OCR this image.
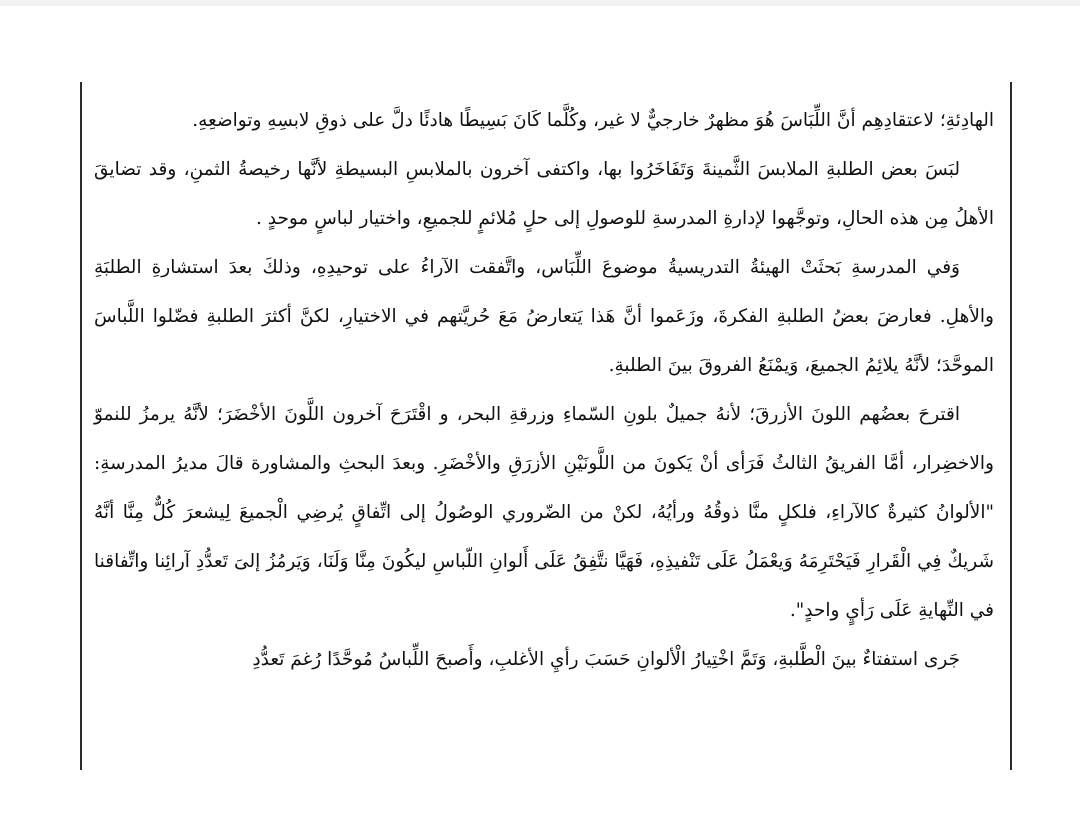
الهادِئةِ؛ لاعتقادِهِم أنَّ اللِّبَاسَ هُوَ مظهرٌ خارجيٌّ لا غير، وكُلَّما كَانَ بَسِيطًا هادئًا دلَّ على ذوقِ لابسِهِ وتواضعِهِ.

لبَسَ بعض الطلبةِ الملابسَ الثَّمينةَ وَتَفَاخَرُوا بها، واكتفى آخرون بالملابسِ البسيطةِ لأنَّها رخيصةُ الثمنِ، وقد تضايقَ الأهلُ مِن هذه الحالِ، وتوجَّهوا لإدارةِ المدرسةِ للوصولِ إلى حلٍ مُلائمٍ للجميعِ، واختيار لباسٍ موحدٍ .

وَفي المدرسةِ بَحثَتْ الهيئةُ التدريسيةُ موضوعَ اللِّبَاس، واتَّفقت الآراءُ على توحيدِهِ، وذلكَ بعدَ استشارةِ الطلبَةِ والأهلِ. فعارضَ بعضُ الطلبةِ الفكرةَ، وزَعَموا أنَّ هَذا يَتعارضُ مَعَ حُريَّتهم في الاختيارِ، لكنَّ أكثرَ الطلبةِ فضّلوا اللَّباسَ الموحَّدَ؛ لأنَّهُ يلائِمُ الجميعَ، وَيمْنَعُ الفروقَ بينَ الطلبةِ.

اقترحَ بعضُهم اللونَ الأزرقَ؛ لأنهُ جميلٌ بلونِ السّماءِ وزرقةِ البحر، و اقْتَرَحَ آخرون اللَّونَ الأخْضَرَ؛ لأنَّهُ يرمزُ للنموّ والاخضِرار، أمَّا الفريقُ الثالثُ فَرَأى أنْ يَكونَ من اللَّونَيْنِ الأزرَقِ والأخْضَرِ. وبعدَ البحثِ والمشاورة قالَ مديرُ المدرسةِ: "الألوانُ كثيرةٌ كالآراءِ، فلكلٍ منَّا ذوقُهُ ورأيُهُ، لكنْ من الضّروري الوصُولُ إلى اتِّفاقٍ يُرضِي الْجميعَ لِيشعرَ كُلٌّ مِنَّا أنَّهُ شَريكٌ فِي الْقَرارِ فَيَحْتَرِمَهُ وَيعْمَلُ عَلَى تَنْفيذِهِ، فَهَيَّا نتَّفِقُ عَلَى أَلوانِ اللّباسِ ليكُونَ مِنَّا وَلَنَا، وَيَرمُزُ إلىَ تَعدُّدِ آرائِنا واتِّفاقنا في النِّهايةِ عَلَى رَأيٍ واحدٍ".

جَرى استفتاءٌ بينَ الْطَّلبةِ، وَتَمَّ اخْتِيارُ الْألوانِ حَسَبَ رأيِ الأغلبِ، وأَصبحَ اللِّباسُ مُوحَّدًا رُغمَ تَعدُّدِ
